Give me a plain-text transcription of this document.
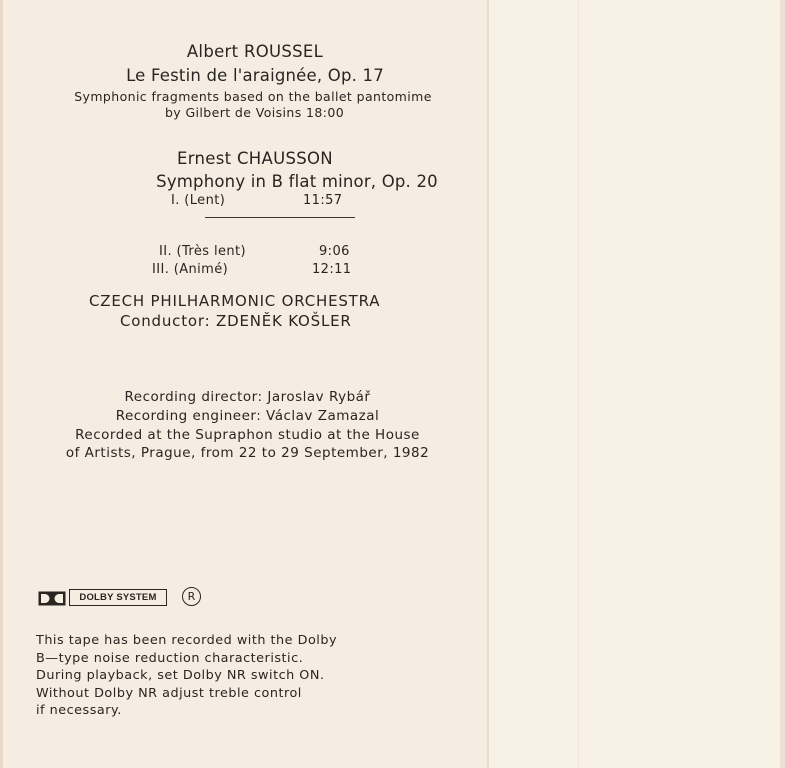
Albert ROUSSEL
Le Festin de l'araignée, Op. 17
Symphonic fragments based on the ballet pantomime
by Gilbert de Voisins 18:00
Ernest CHAUSSON
Symphony in B flat minor, Op. 20
I. (Lent)	11:57
II. (Très lent)	9:06
III. (Animé)	12:11
CZECH PHILHARMONIC ORCHESTRA
Conductor: ZDENĚK KOŠLER
Recording director: Jaroslav Rybář
Recording engineer: Václav Zamazal
Recorded at the Supraphon studio at the House
of Artists, Prague, from 22 to 29 September, 1982
DOLBY SYSTEM	R
This tape has been recorded with the Dolby
B—type noise reduction characteristic.
During playback, set Dolby NR switch ON.
Without Dolby NR adjust treble control
if necessary.
